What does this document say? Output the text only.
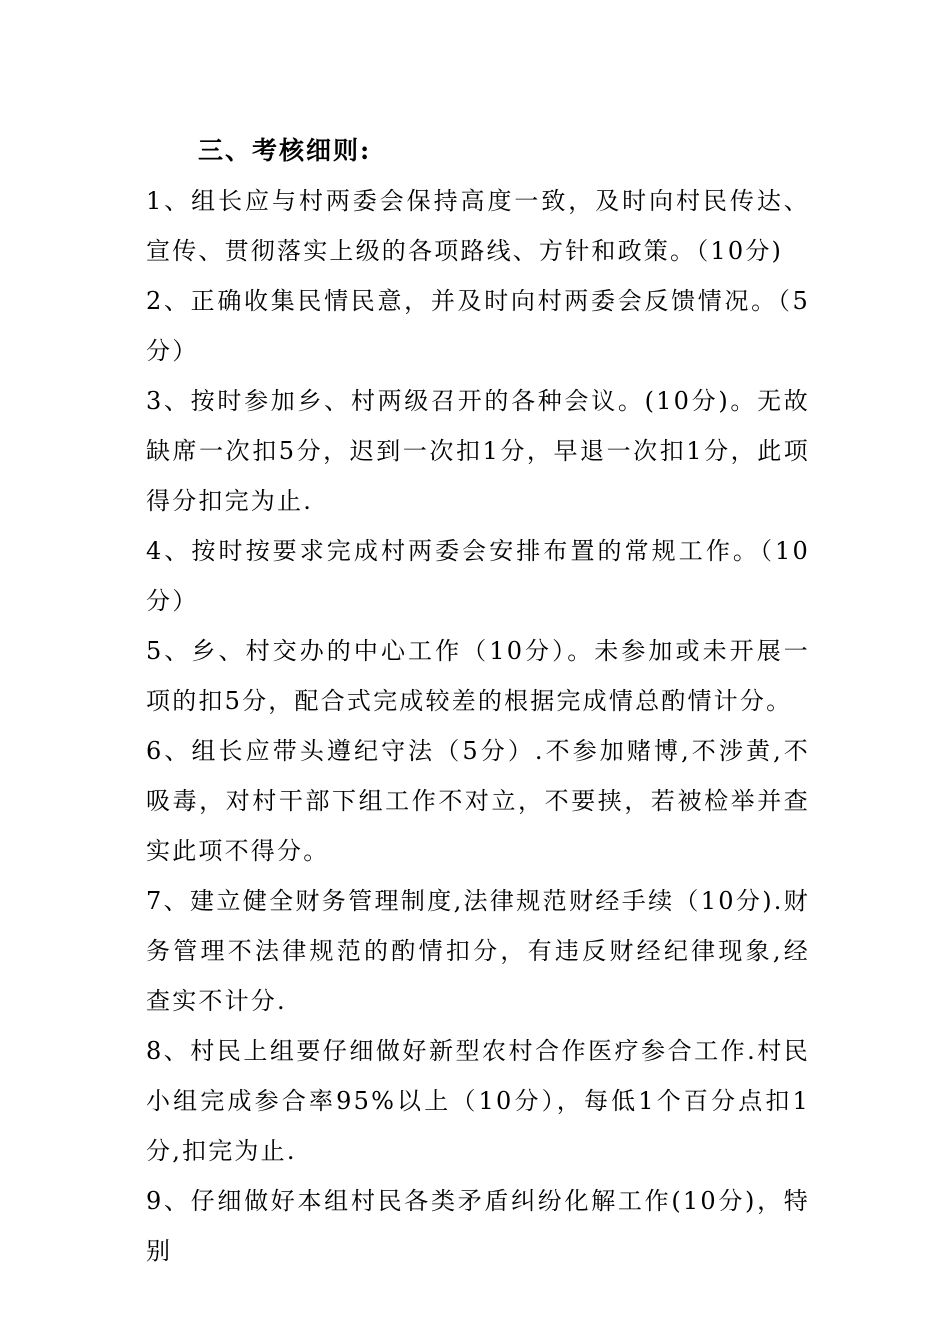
三、考核细则:

1、组长应与村两委会保持高度一致，及时向村民传达、宣传、贯彻落实上级的各项路线、方针和政策。（10分)

2、正确收集民情民意，并及时向村两委会反馈情况。（5分）

3、按时参加乡、村两级召开的各种会议。(10分)。无故缺席一次扣5分，迟到一次扣1分，早退一次扣1分，此项得分扣完为止.

4、按时按要求完成村两委会安排布置的常规工作。（10分）

5、乡、村交办的中心工作（10分）。未参加或未开展一项的扣5分，配合式完成较差的根据完成情总酌情计分。

6、组长应带头遵纪守法（5分）.不参加赌博,不涉黄,不吸毒，对村干部下组工作不对立，不要挟，若被检举并查实此项不得分。

7、建立健全财务管理制度,法律规范财经手续（10分).财务管理不法律规范的酌情扣分，有违反财经纪律现象,经查实不计分.

8、村民上组要仔细做好新型农村合作医疗参合工作.村民小组完成参合率95%以上（10分），每低1个百分点扣1分,扣完为止.

9、仔细做好本组村民各类矛盾纠纷化解工作(10分)，特别
